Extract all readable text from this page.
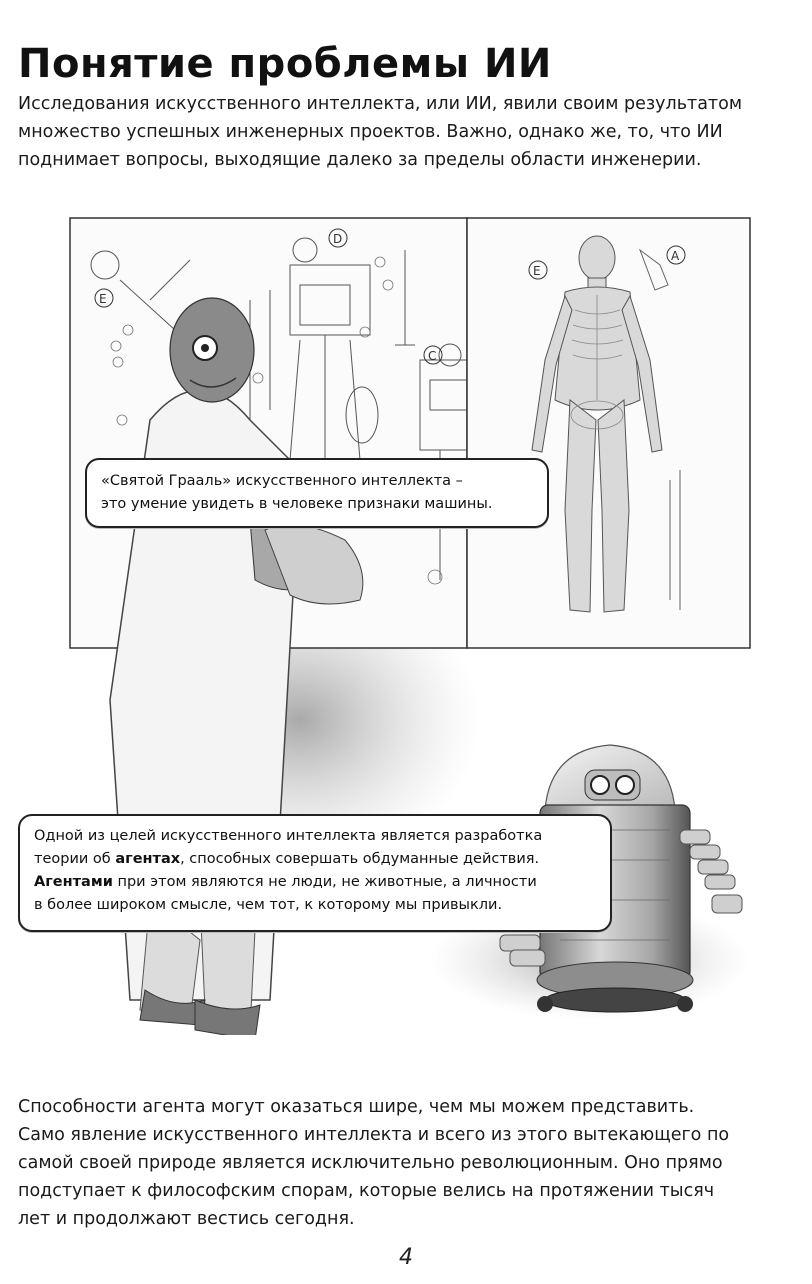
Понятие проблемы ИИ
Исследования искусственного интеллекта, или ИИ, явили своим результатом
множество успешных инженерных проектов. Важно, однако же, то, что ИИ
поднимает вопросы, выходящие далеко за пределы области инженерии.
D
E
C
E
A
«Святой Грааль» искусственного интеллекта –
это умение увидеть в человеке признаки машины.
Одной из целей искусственного интеллекта является разработка
теории об агентах, способных совершать обдуманные действия.
Агентами при этом являются не люди, не животные, а личности
в более широком смысле, чем тот, к которому мы привыкли.
Способности агента могут оказаться шире, чем мы можем представить.
Само явление искусственного интеллекта и всего из этого вытекающего по
самой своей природе является исключительно революционным. Оно прямо
подступает к философским спорам, которые велись на протяжении тысяч
лет и продолжают вестись сегодня.
4
